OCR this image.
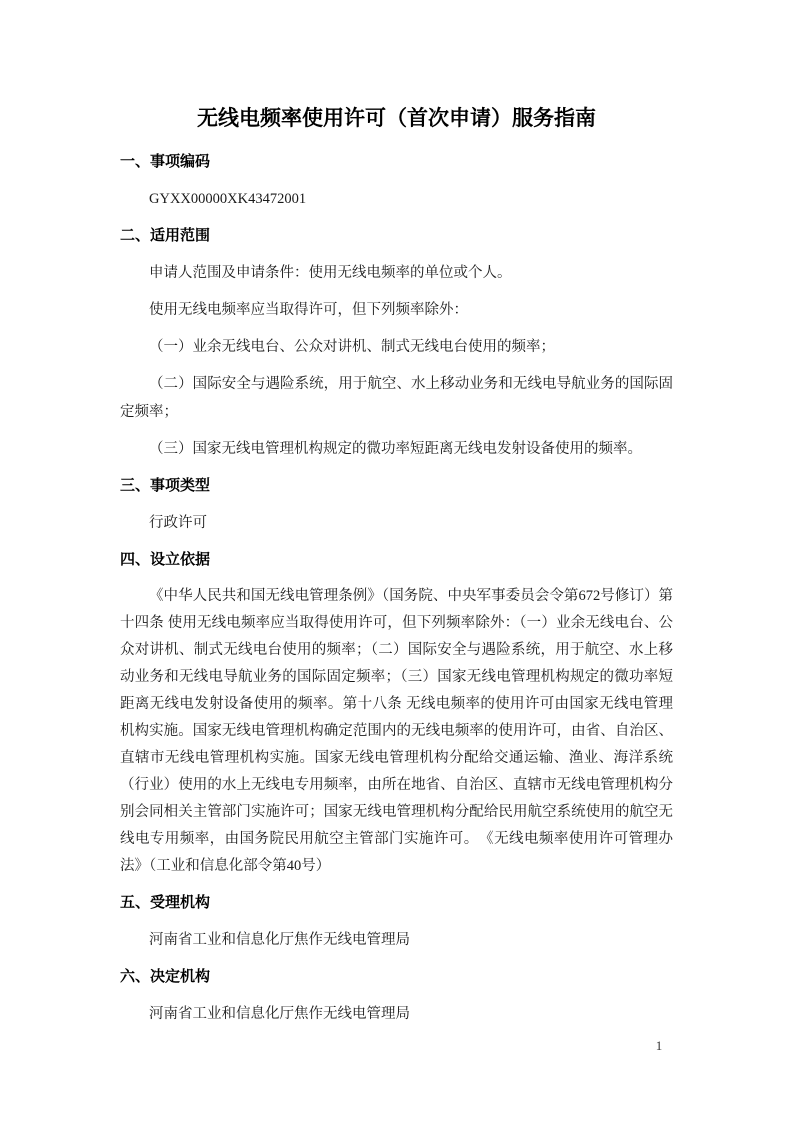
无线电频率使用许可（首次申请）服务指南
一、事项编码

GYXX00000XK43472001

二、适用范围

申请人范围及申请条件：使用无线电频率的单位或个人。

使用无线电频率应当取得许可，但下列频率除外：

（一）业余无线电台、公众对讲机、制式无线电台使用的频率；

（二）国际安全与遇险系统，用于航空、水上移动业务和无线电导航业务的国际固定频率；

（三）国家无线电管理机构规定的微功率短距离无线电发射设备使用的频率。

三、事项类型

行政许可

四、设立依据

《中华人民共和国无线电管理条例》（国务院、中央军事委员会令第672号修订）第十四条 使用无线电频率应当取得使用许可，但下列频率除外：（一）业余无线电台、公众对讲机、制式无线电台使用的频率；（二）国际安全与遇险系统，用于航空、水上移动业务和无线电导航业务的国际固定频率；（三）国家无线电管理机构规定的微功率短距离无线电发射设备使用的频率。第十八条 无线电频率的使用许可由国家无线电管理机构实施。国家无线电管理机构确定范围内的无线电频率的使用许可，由省、自治区、直辖市无线电管理机构实施。国家无线电管理机构分配给交通运输、渔业、海洋系统（行业）使用的水上无线电专用频率，由所在地省、自治区、直辖市无线电管理机构分别会同相关主管部门实施许可；国家无线电管理机构分配给民用航空系统使用的航空无线电专用频率，由国务院民用航空主管部门实施许可。　《无线电频率使用许可管理办法》（工业和信息化部令第40号）

五、受理机构

河南省工业和信息化厅焦作无线电管理局

六、决定机构

河南省工业和信息化厅焦作无线电管理局

1
